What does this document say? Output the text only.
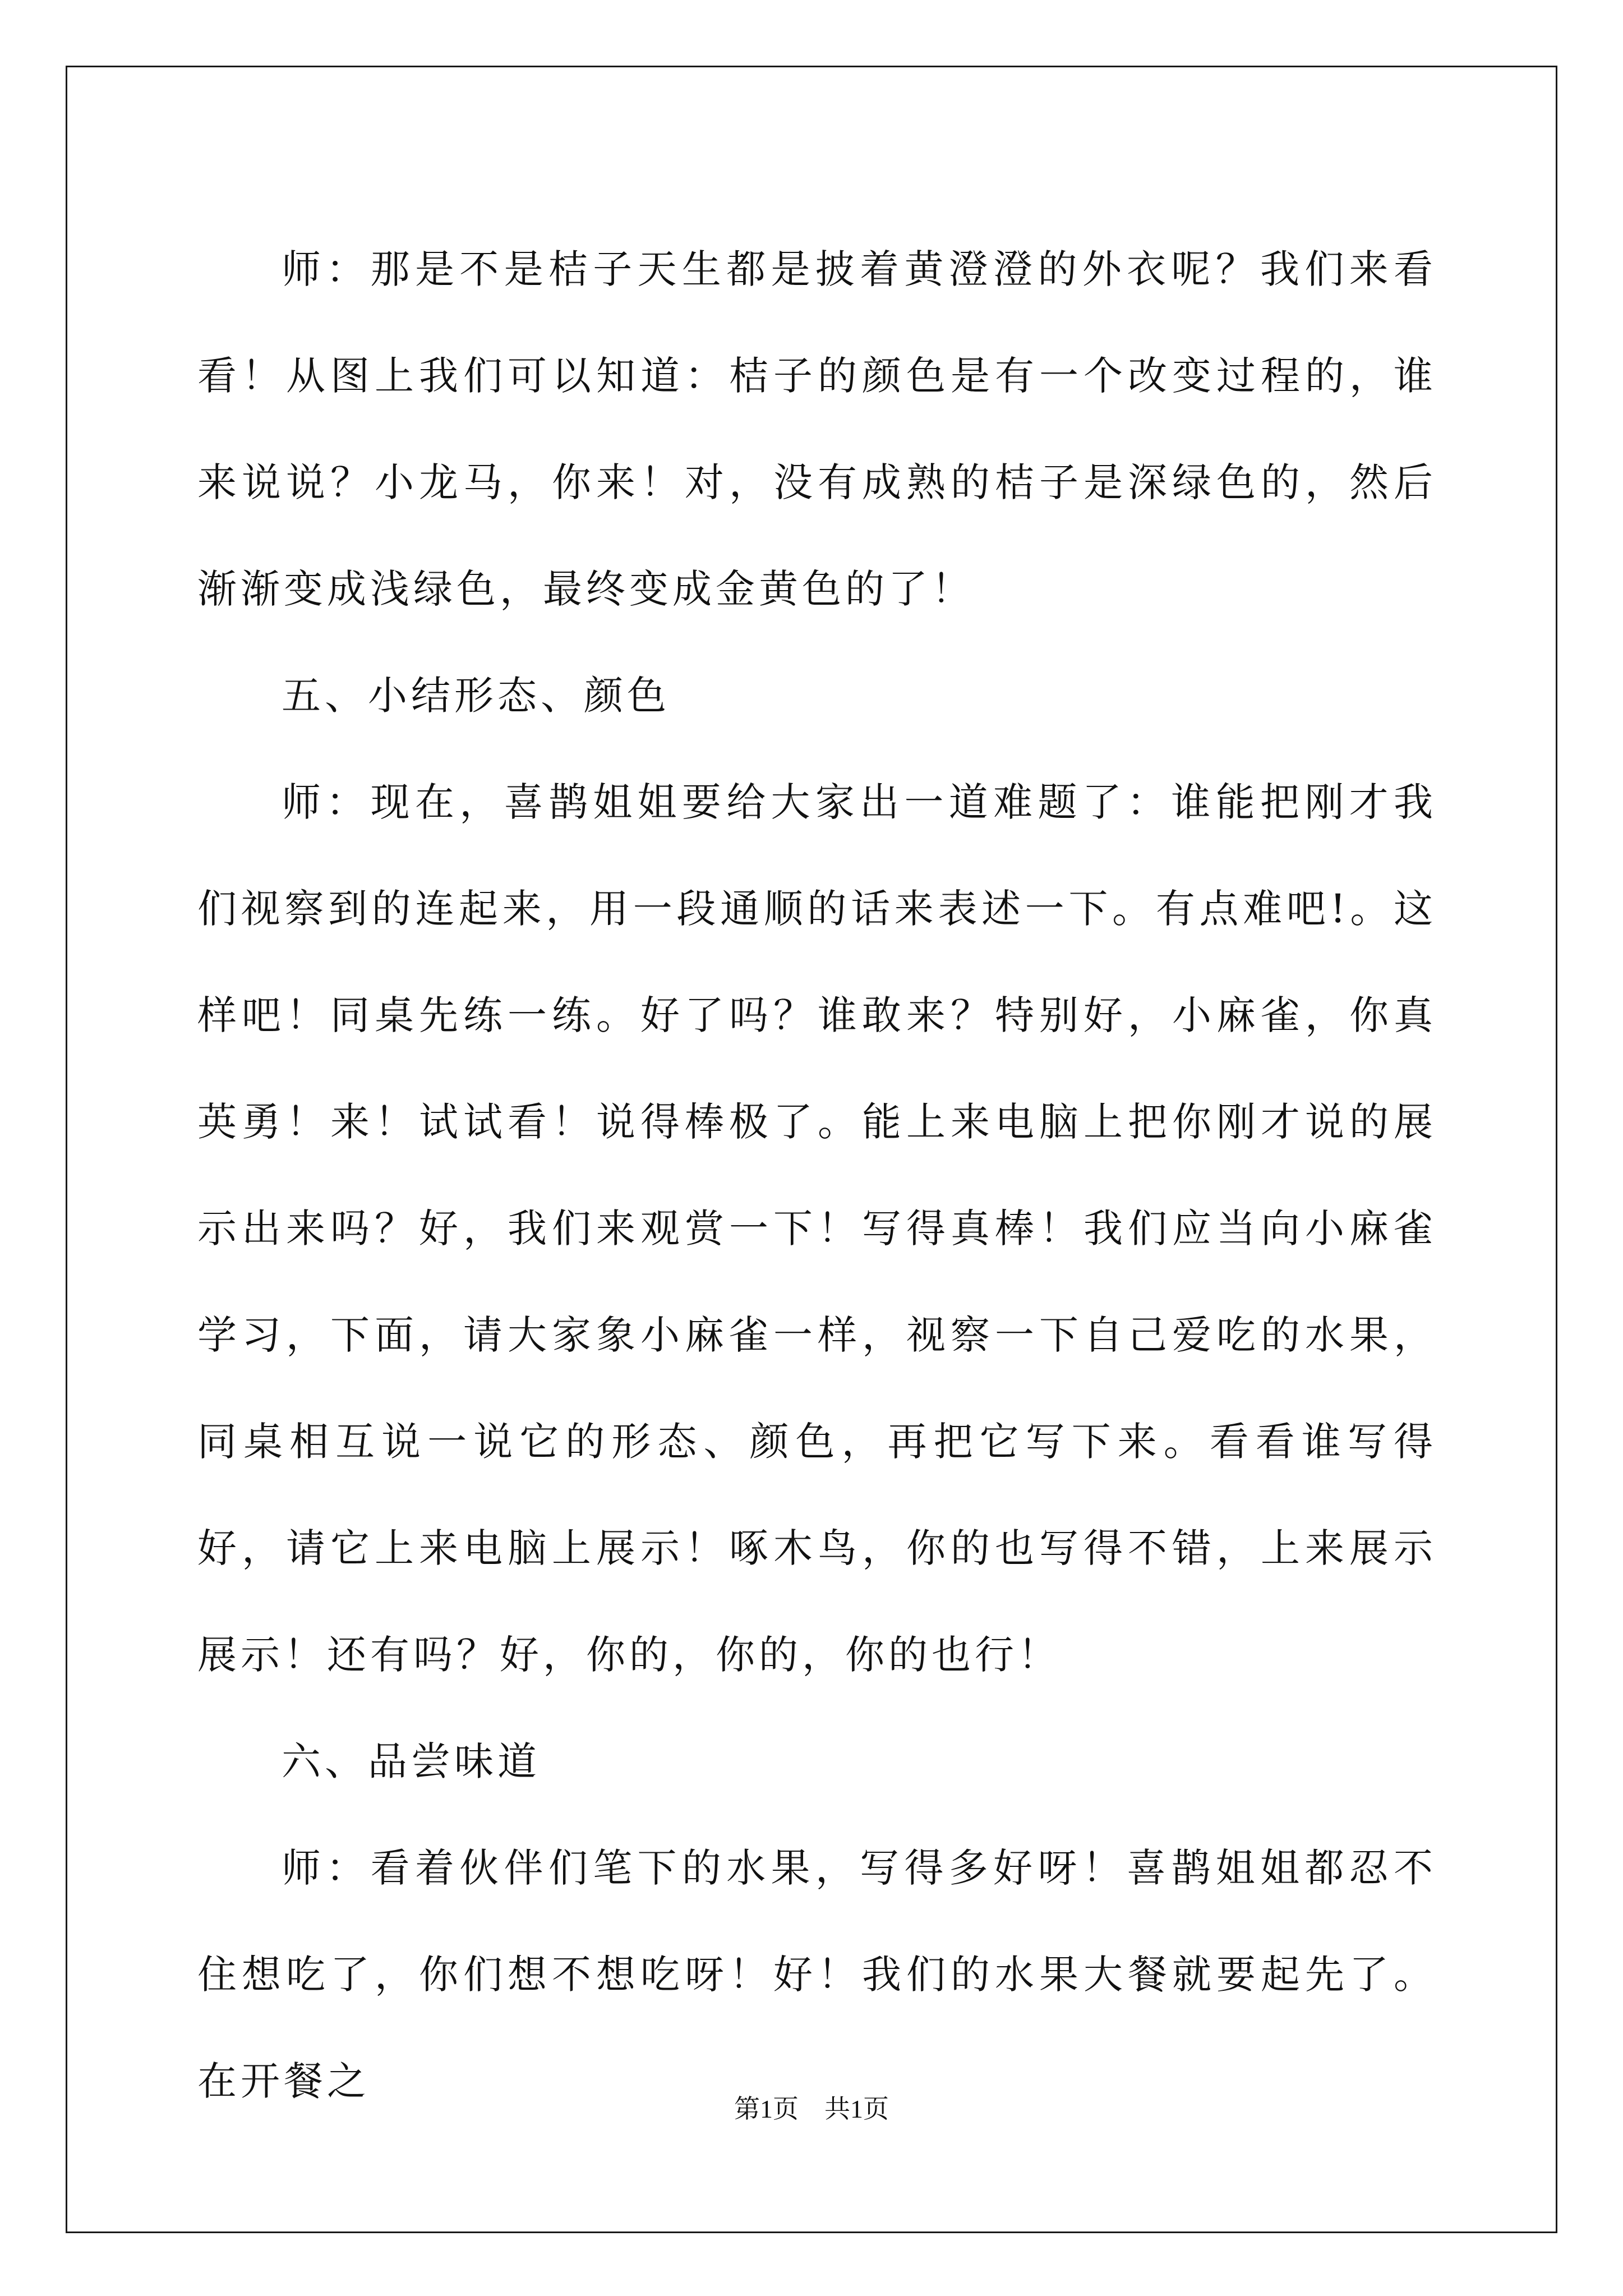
师：那是不是桔子天生都是披着黄澄澄的外衣呢？我们来看看！从图上我们可以知道：桔子的颜色是有一个改变过程的，谁来说说？小龙马，你来！对，没有成熟的桔子是深绿色的，然后渐渐变成浅绿色，最终变成金黄色的了！

五、小结形态、颜色

师：现在，喜鹊姐姐要给大家出一道难题了：谁能把刚才我们视察到的连起来，用一段通顺的话来表述一下。有点难吧!。这样吧！同桌先练一练。好了吗？谁敢来？特别好，小麻雀，你真英勇！来！试试看！说得棒极了。能上来电脑上把你刚才说的展示出来吗？好，我们来观赏一下！写得真棒！我们应当向小麻雀学习，下面，请大家象小麻雀一样，视察一下自己爱吃的水果，同桌相互说一说它的形态、颜色，再把它写下来。看看谁写得好，请它上来电脑上展示！啄木鸟，你的也写得不错，上来展示展示！还有吗？好，你的，你的，你的也行！

六、品尝味道

师：看着伙伴们笔下的水果，写得多好呀！喜鹊姐姐都忍不住想吃了，你们想不想吃呀！好！我们的水果大餐就要起先了。在开餐之

第1页 共1页
